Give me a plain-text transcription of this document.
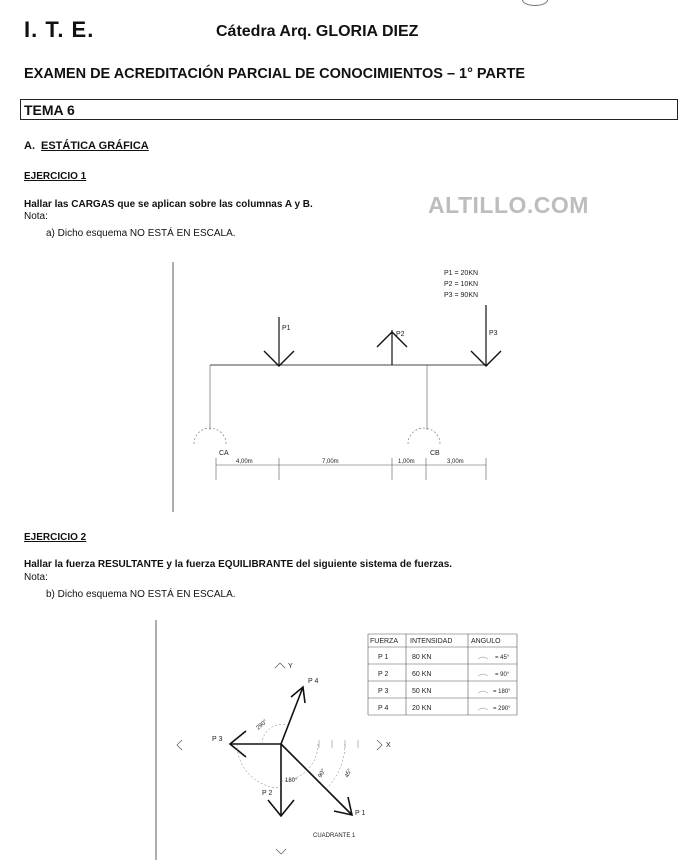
I. T. E.	Cátedra Arq. GLORIA DIEZ
EXAMEN DE ACREDITACIÓN PARCIAL DE CONOCIMIENTOS – 1° PARTE
TEMA 6
A. ESTÁTICA GRÁFICA
EJERCICIO 1
Hallar las CARGAS que se aplican sobre las columnas A y B.
Nota:
a) Dicho esquema NO ESTÁ EN ESCALA.
ALTILLO.COM
EJERCICIO 2
Hallar la fuerza RESULTANTE y la fuerza EQUILIBRANTE del siguiente sistema de fuerzas.
Nota:
b) Dicho esquema NO ESTÁ EN ESCALA.
P1 = 20KN
P2 = 10KN
P3 = 90KN
P1
P2	P3
CA	CB
4,00m	7,00m	1,00m	3,00m
FUERZA INTENSIDAD	ANGULO
P 1	80 KN	= 45°
P 2	60 KN	= 90°
P 3	50 KN	= 180°
P 4	20 KN	= 290°
Y
X
290°
180°
90°	45°
P 1
P 2
P 3
P 4
CUADRANTE 1
